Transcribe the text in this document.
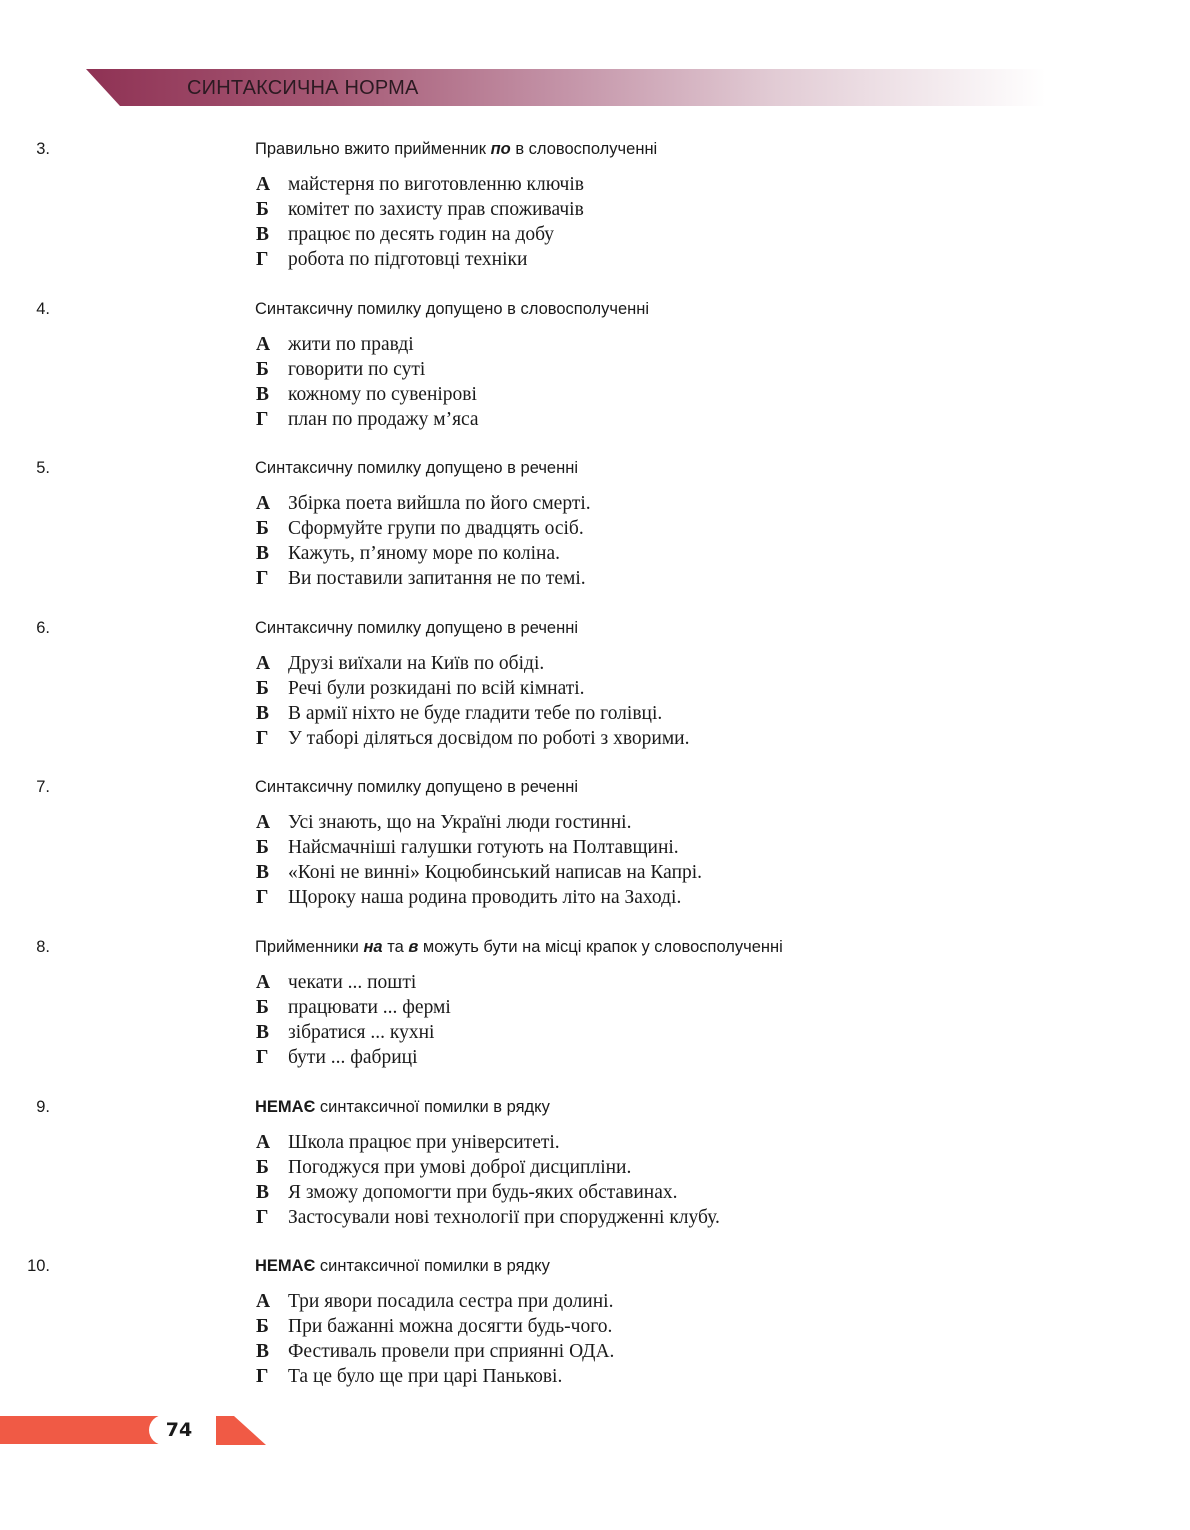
СИНТАКСИЧНА НОРМА
3.	Правильно вжито прийменник по в словосполученні
А майстерня по виготовленню ключів
Б комітет по захисту прав споживачів
В працює по десять годин на добу
Г робота по підготовці техніки
4.	Синтаксичну помилку допущено в словосполученні
А жити по правді
Б говорити по суті
В кожному по сувенірові
Г план по продажу м’яса
5.	Синтаксичну помилку допущено в реченні
А Збірка поета вийшла по його смерті.
Б Сформуйте групи по двадцять осіб.
В Кажуть, п’яному море по коліна.
Г Ви поставили запитання не по темі.
6.	Синтаксичну помилку допущено в реченні
А Друзі виїхали на Київ по обіді.
Б Речі були розкидані по всій кімнаті.
В В армії ніхто не буде гладити тебе по голівці.
Г У таборі діляться досвідом по роботі з хворими.
7.	Синтаксичну помилку допущено в реченні
А Усі знають, що на Україні люди гостинні.
Б Найсмачніші галушки готують на Полтавщині.
В «Коні не винні» Коцюбинський написав на Капрі.
Г Щороку наша родина проводить літо на Заході.
8.	Прийменники на та в можуть бути на місці крапок у словосполученні
А чекати ... пошті
Б працювати ... фермі
В зібратися ... кухні
Г бути ... фабриці
9.	НЕМАЄ синтаксичної помилки в рядку
А Школа працює при університеті.
Б Погоджуся при умові доброї дисципліни.
В Я зможу допомогти при будь-яких обставинах.
Г Застосували нові технології при спорудженні клубу.
10.	НЕМАЄ синтаксичної помилки в рядку
А Три явори посадила сестра при долині.
Б При бажанні можна досягти будь-чого.
В Фестиваль провели при сприянні ОДА.
Г Та це було ще при царі Панькові.
74
